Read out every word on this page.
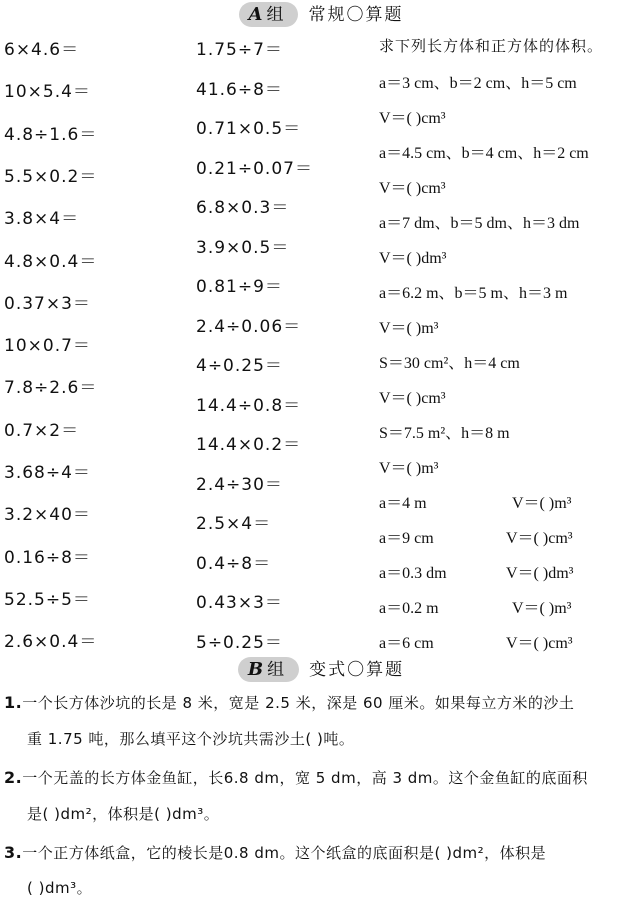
A 组 常规〇算题
6×4.6＝
10×5.4＝
4.8÷1.6＝
5.5×0.2＝
3.8×4＝
4.8×0.4＝
0.37×3＝
10×0.7＝
7.8÷2.6＝
0.7×2＝
3.68÷4＝
3.2×40＝
0.16÷8＝
52.5÷5＝
2.6×0.4＝
1.75÷7＝
41.6÷8＝
0.71×0.5＝
0.21÷0.07＝
6.8×0.3＝
3.9×0.5＝
0.81÷9＝
2.4÷0.06＝
4÷0.25＝
14.4÷0.8＝
14.4×0.2＝
2.4÷30＝
2.5×4＝
0.4÷8＝
0.43×3＝
5÷0.25＝
求下列长方体和正方体的体积。
a＝3 cm、b＝2 cm、h＝5 cm
V＝( )cm³
a＝4.5 cm、b＝4 cm、h＝2 cm
V＝( )cm³
a＝7 dm、b＝5 dm、h＝3 dm
V＝( )dm³
a＝6.2 m、b＝5 m、h＝3 m
V＝( )m³
S＝30 cm²、h＝4 cm
V＝( )cm³
S＝7.5 m²、h＝8 m
V＝( )m³
a＝4 m	V＝( )m³
a＝9 cm	V＝( )cm³
a＝0.3 dm	V＝( )dm³
a＝0.2 m	V＝( )m³
a＝6 cm	V＝( )cm³
B 组 变式〇算题
1.一个长方体沙坑的长是 8 米，宽是 2.5 米，深是 60 厘米。如果每立方米的沙土
重 1.75 吨，那么填平这个沙坑共需沙土( )吨。
2.一个无盖的长方体金鱼缸，长6.8 dm，宽 5 dm，高 3 dm。这个金鱼缸的底面积
是( )dm²，体积是( )dm³。
3.一个正方体纸盒，它的棱长是0.8 dm。这个纸盒的底面积是( )dm²，体积是
( )dm³。
